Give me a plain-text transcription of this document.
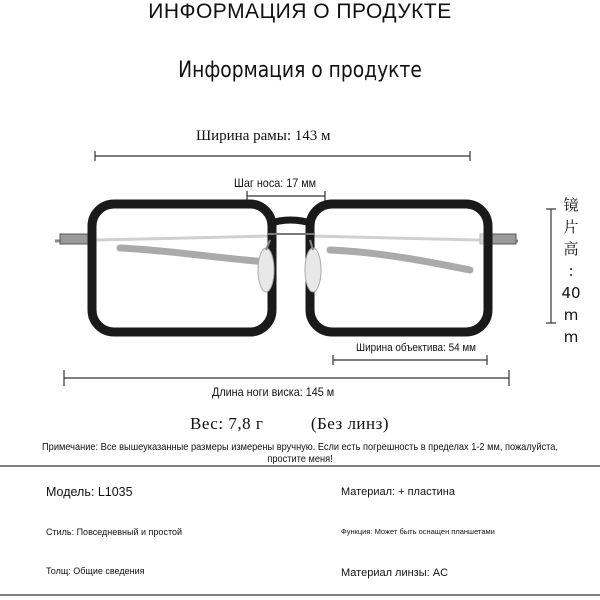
ИНФОРМАЦИЯ О ПРОДУКТЕ
Информация о продукте
Ширина рамы: 143 м
Шаг носа: 17 мм
Ширина объектива: 54 мм
Длина ноги виска: 145 м
镜
片
高
:
40
m
m
Вес: 7,8 г	(Без линз)
Примечание: Все вышеуказанные размеры измерены вручную. Если есть погрешность в пределах 1-2 мм, пожалуйста, простите меня!
Модель: L1035	Материал: + пластина
Стиль: Повседневный и простой	Функция: Может быть оснащен планшетами
Толщ: Общие сведения	Материал линзы: AC
